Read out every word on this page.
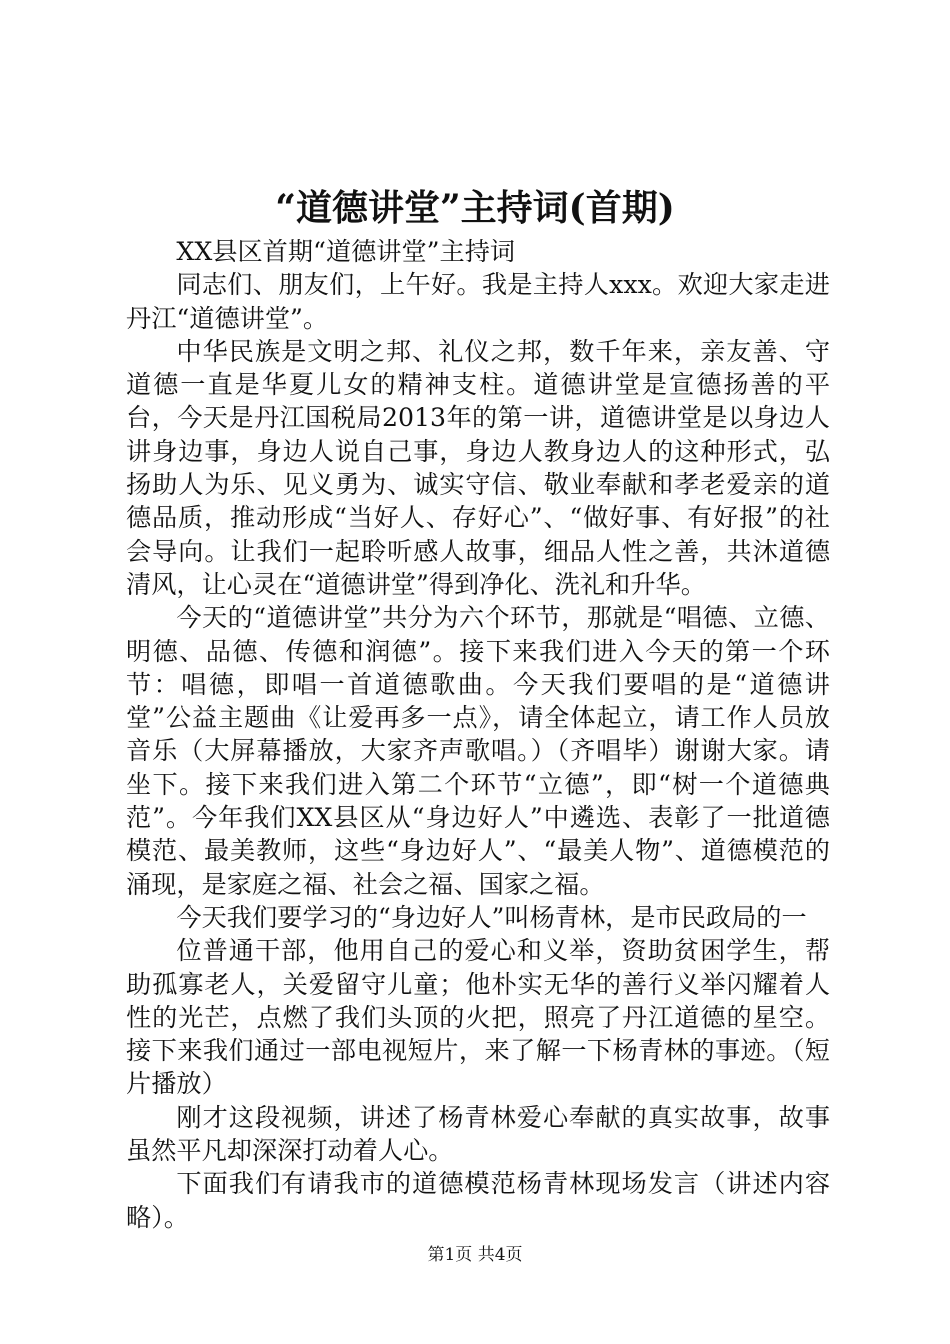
“道德讲堂”主持词(首期)

XX县区首期“道德讲堂”主持词

同志们、朋友们，上午好。我是主持人xxx。欢迎大家走进丹江“道德讲堂”。

中华民族是文明之邦、礼仪之邦，数千年来，亲友善、守道德一直是华夏儿女的精神支柱。道德讲堂是宣德扬善的平台，今天是丹江国税局2013年的第一讲，道德讲堂是以身边人讲身边事，身边人说自己事，身边人教身边人的这种形式，弘扬助人为乐、见义勇为、诚实守信、敬业奉献和孝老爱亲的道德品质，推动形成“当好人、存好心”、“做好事、有好报”的社会导向。让我们一起聆听感人故事，细品人性之善，共沐道德清风，让心灵在“道德讲堂”得到净化、洗礼和升华。

今天的“道德讲堂”共分为六个环节，那就是“唱德、立德、明德、品德、传德和润德”。接下来我们进入今天的第一个环节：唱德，即唱一首道德歌曲。今天我们要唱的是“道德讲堂”公益主题曲《让爱再多一点》，请全体起立，请工作人员放音乐（大屏幕播放，大家齐声歌唱。）（齐唱毕）谢谢大家。请坐下。接下来我们进入第二个环节“立德”，即“树一个道德典范”。今年我们XX县区从“身边好人”中遴选、表彰了一批道德模范、最美教师，这些“身边好人”、“最美人物”、道德模范的涌现，是家庭之福、社会之福、国家之福。

今天我们要学习的“身边好人”叫杨青林，是市民政局的一

位普通干部，他用自己的爱心和义举，资助贫困学生，帮助孤寡老人，关爱留守儿童；他朴实无华的善行义举闪耀着人性的光芒，点燃了我们头顶的火把，照亮了丹江道德的星空。接下来我们通过一部电视短片，来了解一下杨青林的事迹。（短片播放）

刚才这段视频，讲述了杨青林爱心奉献的真实故事，故事虽然平凡却深深打动着人心。

下面我们有请我市的道德模范杨青林现场发言（讲述内容略）。

第1页 共4页
